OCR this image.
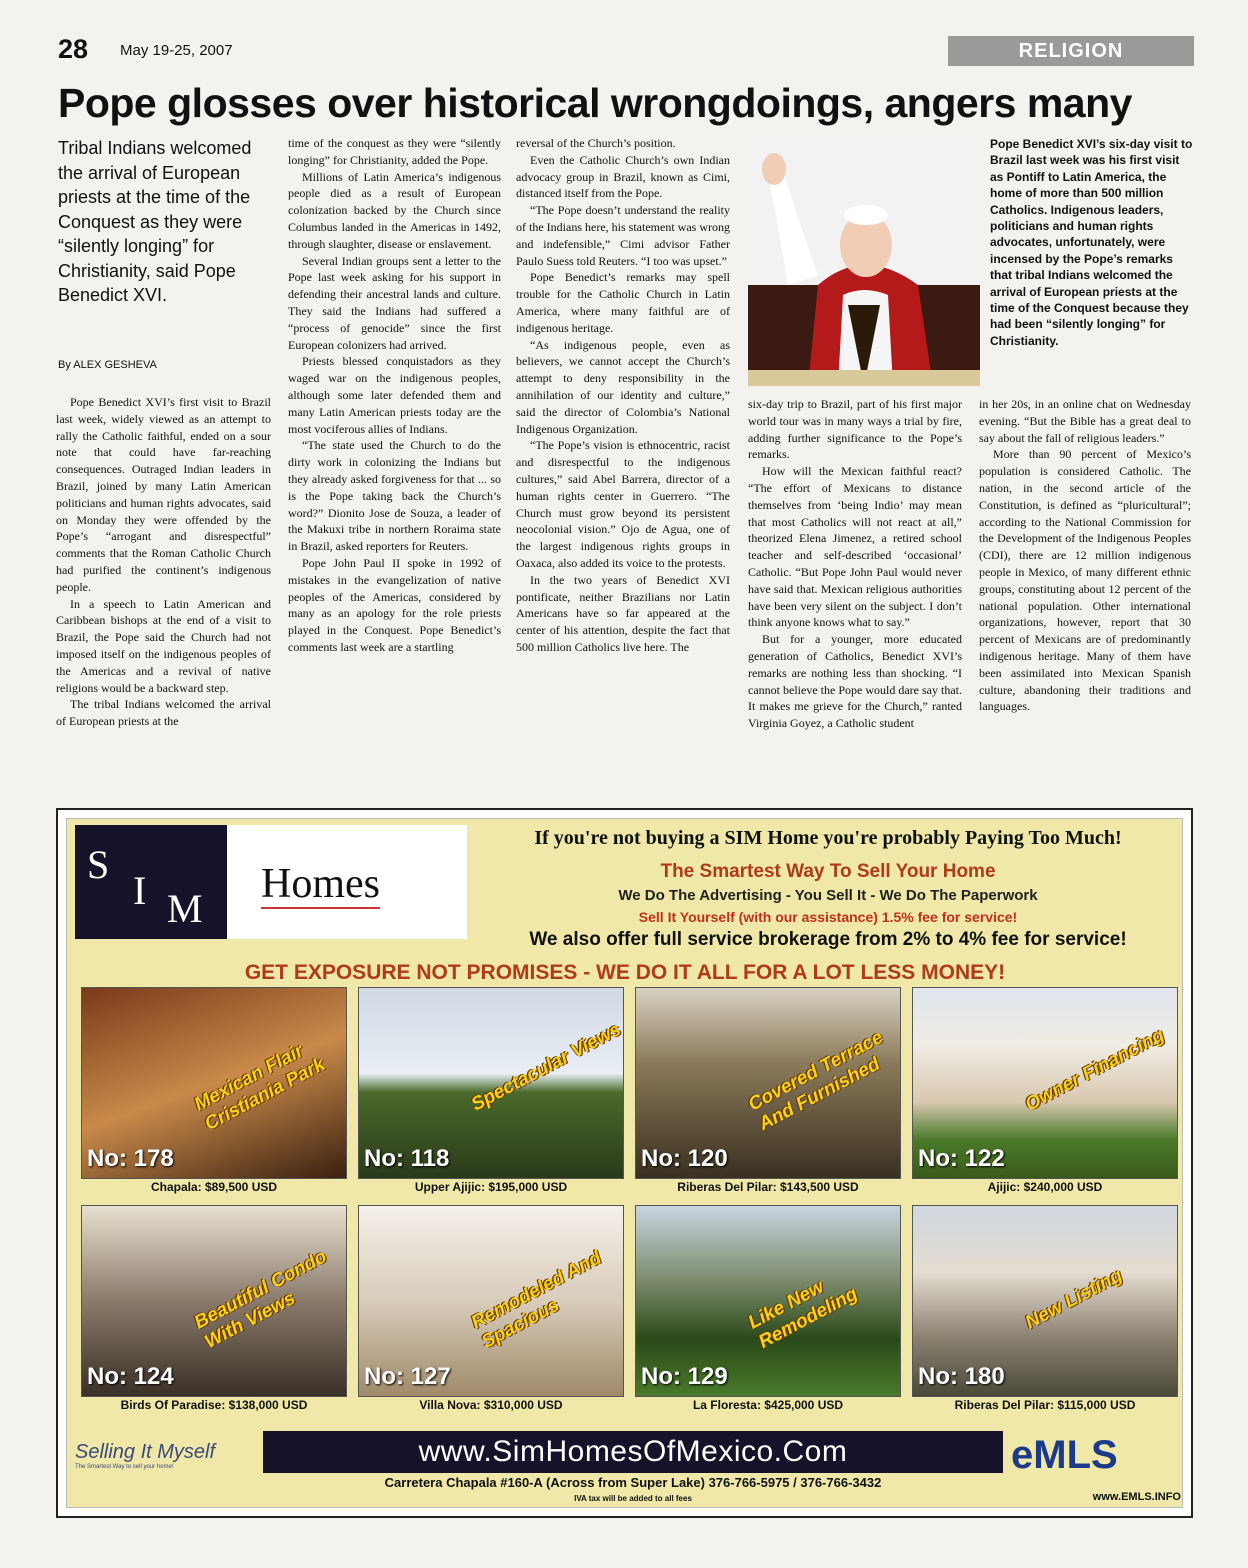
28 May 19-25, 2007	RELIGION
Pope glosses over historical wrongdoings, angers many

Tribal Indians welcomed the arrival of European priests at the time of the Conquest as they were “silently longing” for Christianity, said Pope Benedict XVI.

By ALEX GESHEVA

Pope Benedict XVI’s first visit to Brazil last week, widely viewed as an attempt to rally the Catholic faithful, ended on a sour note that could have far-reaching consequences. Outraged Indian leaders in Brazil, joined by many Latin American politicians and human rights advocates, said on Monday they were offended by the Pope’s “arrogant and disrespectful” comments that the Roman Catholic Church had purified the continent’s indigenous people.

In a speech to Latin American and Caribbean bishops at the end of a visit to Brazil, the Pope said the Church had not imposed itself on the indigenous peoples of the Americas and a revival of native religions would be a backward step.

The tribal Indians welcomed the arrival of European priests at the

time of the conquest as they were “silently longing” for Christianity, added the Pope.

Millions of Latin America’s indigenous people died as a result of European colonization backed by the Church since Columbus landed in the Americas in 1492, through slaughter, disease or enslavement.

Several Indian groups sent a letter to the Pope last week asking for his support in defending their ancestral lands and culture. They said the Indians had suffered a “process of genocide” since the first European colonizers had arrived.

Priests blessed conquistadors as they waged war on the indigenous peoples, although some later defended them and many Latin American priests today are the most vociferous allies of Indians.

“The state used the Church to do the dirty work in colonizing the Indians but they already asked forgiveness for that ... so is the Pope taking back the Church’s word?” Dionito Jose de Souza, a leader of the Makuxi tribe in northern Roraima state in Brazil, asked reporters for Reuters.

Pope John Paul II spoke in 1992 of mistakes in the evangelization of native peoples of the Americas, considered by many as an apology for the role priests played in the Conquest. Pope Benedict’s comments last week are a startling

reversal of the Church’s position.

Even the Catholic Church’s own Indian advocacy group in Brazil, known as Cimi, distanced itself from the Pope.

“The Pope doesn’t understand the reality of the Indians here, his statement was wrong and indefensible,” Cimi advisor Father Paulo Suess told Reuters. “I too was upset.”

Pope Benedict’s remarks may spell trouble for the Catholic Church in Latin America, where many faithful are of indigenous heritage.

“As indigenous people, even as believers, we cannot accept the Church’s attempt to deny responsibility in the annihilation of our identity and culture,” said the director of Colombia’s National Indigenous Organization.

“The Pope’s vision is ethnocentric, racist and disrespectful to the indigenous cultures,” said Abel Barrera, director of a human rights center in Guerrero. “The Church must grow beyond its persistent neocolonial vision.” Ojo de Agua, one of the largest indigenous rights groups in Oaxaca, also added its voice to the protests.

In the two years of Benedict XVI pontificate, neither Brazilians nor Latin Americans have so far appeared at the center of his attention, despite the fact that 500 million Catholics live here. The

Pope Benedict XVI’s six-day visit to Brazil last week was his first visit as Pontiff to Latin America, the home of more than 500 million Catholics. Indigenous leaders, politicians and human rights advocates, unfortunately, were incensed by the Pope’s remarks that tribal Indians welcomed the arrival of European priests at the time of the Conquest because they had been “silently longing” for Christianity.

six-day trip to Brazil, part of his first major world tour was in many ways a trial by fire, adding further significance to the Pope’s remarks.

How will the Mexican faithful react? “The effort of Mexicans to distance themselves from ‘being Indio’ may mean that most Catholics will not react at all,” theorized Elena Jimenez, a retired school teacher and self-described ‘occasional’ Catholic. “But Pope John Paul would never have said that. Mexican religious authorities have been very silent on the subject. I don’t think anyone knows what to say.”

But for a younger, more educated generation of Catholics, Benedict XVI’s remarks are nothing less than shocking. “I cannot believe the Pope would dare say that. It makes me grieve for the Church,” ranted Virginia Goyez, a Catholic student

in her 20s, in an online chat on Wednesday evening. “But the Bible has a great deal to say about the fall of religious leaders.”

More than 90 percent of Mexico’s population is considered Catholic. The nation, in the second article of the Constitution, is defined as “pluricultural”; according to the National Commission for the Development of the Indigenous Peoples (CDI), there are 12 million indigenous people in Mexico, of many different ethnic groups, constituting about 12 percent of the national population. Other international organizations, however, report that 30 percent of Mexicans are of predominantly indigenous heritage. Many of them have been assimilated into Mexican Spanish culture, abandoning their traditions and languages.

S
I M
Homes
If you're not buying a SIM Home you're probably Paying Too Much!
The Smartest Way To Sell Your Home
We Do The Advertising - You Sell It - We Do The Paperwork
Sell It Yourself (with our assistance) 1.5% fee for service!
We also offer full service brokerage from 2% to 4% fee for service!
GET EXPOSURE NOT PROMISES - WE DO IT ALL FOR A LOT LESS MONEY!
Mexican Flair Cristiania Park
No: 178
Chapala: $89,500 USD
Spectacular Views
No: 118
Upper Ajijic: $195,000 USD
Covered Terrace And Furnished
No: 120
Riberas Del Pilar: $143,500 USD
Owner Financing
No: 122
Ajijic: $240,000 USD
Beautiful Condo With Views
No: 124
Birds Of Paradise: $138,000 USD
Remodeled And Spacious
No: 127
Villa Nova: $310,000 USD
Like New Remodeling
No: 129
La Floresta: $425,000 USD
New Listing
No: 180
Riberas Del Pilar: $115,000 USD
Selling It Myself
The Smartest Way to sell your home!	www.SimHomesOfMexico.Com
Carretera Chapala #160-A (Across from Super Lake) 376-766-5975 / 376-766-3432
IVA tax will be added to all fees
eMLS
www.EMLS.INFO
